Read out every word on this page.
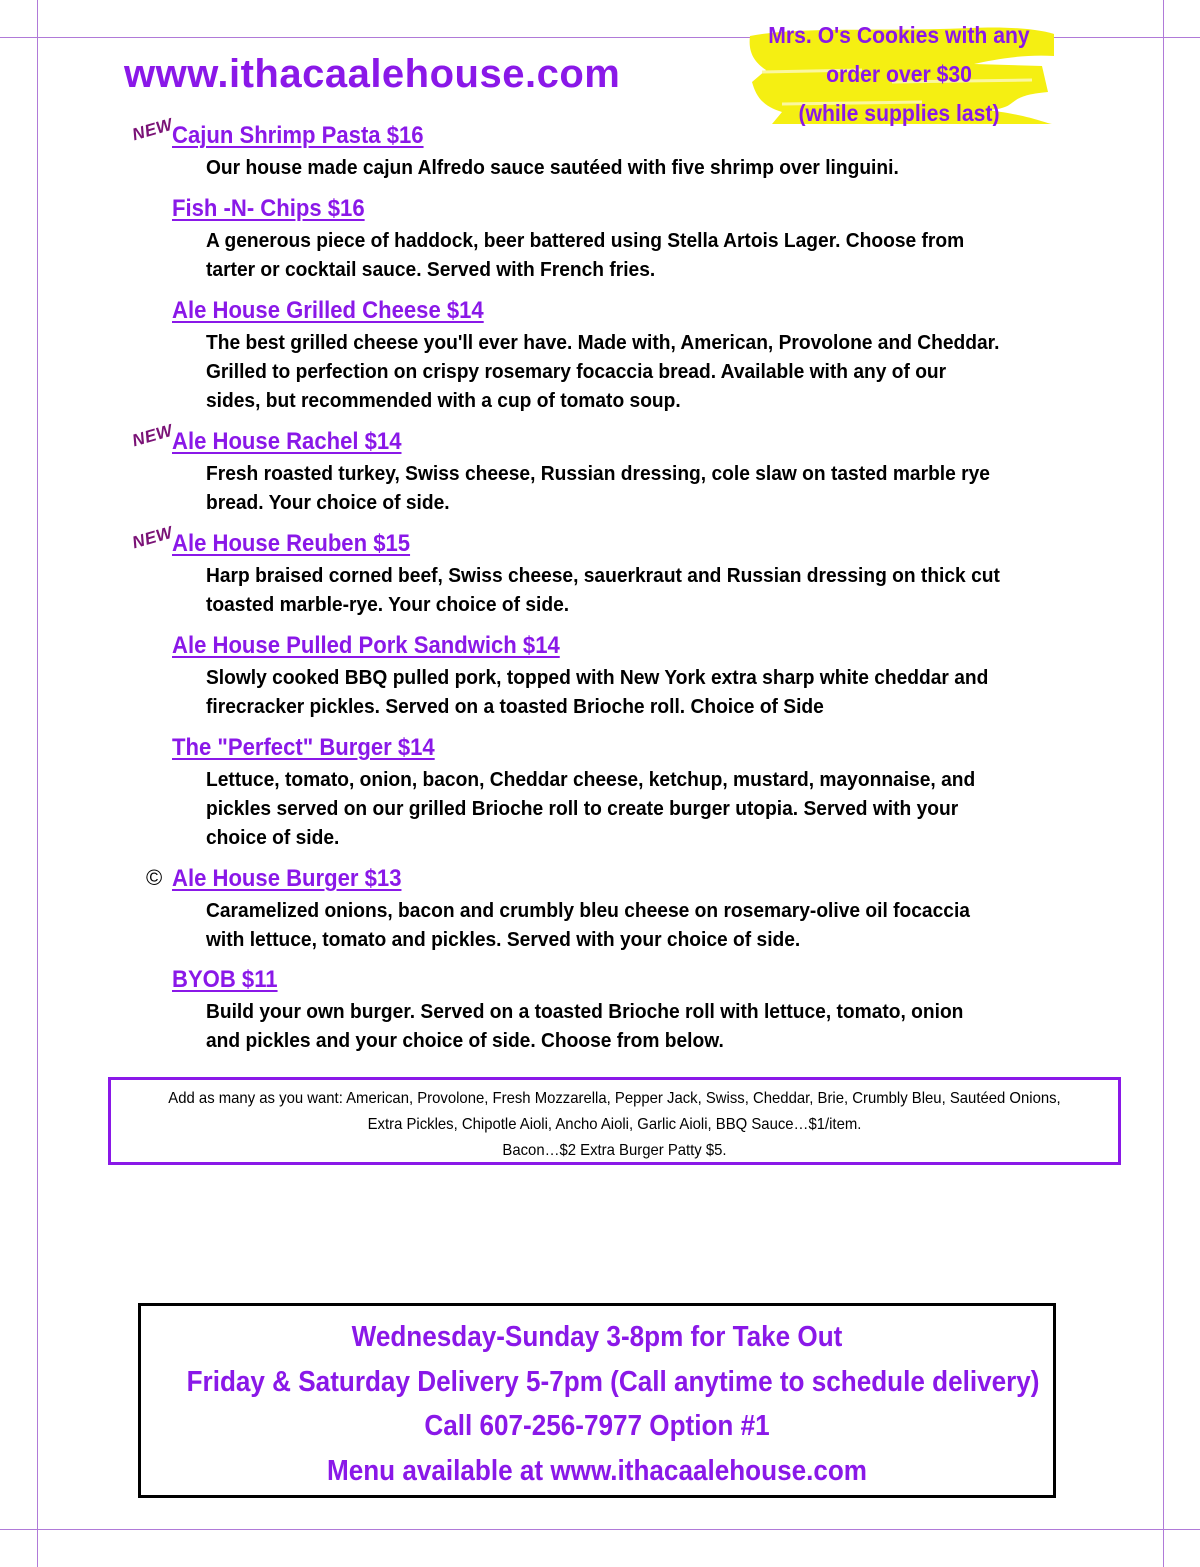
www.ithacaalehouse.com
Mrs. O's Cookies with any
order over $30
(while supplies last)
NEW
Cajun Shrimp Pasta $16
Our house made cajun Alfredo sauce sautéed with five shrimp over linguini.
Fish -N- Chips $16
A generous piece of haddock, beer battered using Stella Artois Lager. Choose from tarter or cocktail sauce. Served with French fries.
Ale House Grilled Cheese $14
The best grilled cheese you'll ever have. Made with, American, Provolone and Cheddar. Grilled to perfection on crispy rosemary focaccia bread. Available with any of our sides, but recommended with a cup of tomato soup.
NEW
Ale House Rachel $14
Fresh roasted turkey, Swiss cheese, Russian dressing, cole slaw on tasted marble rye bread. Your choice of side.
NEW
Ale House Reuben $15
Harp braised corned beef, Swiss cheese, sauerkraut and Russian dressing on thick cut toasted marble-rye. Your choice of side.
Ale House Pulled Pork Sandwich $14
Slowly cooked BBQ pulled pork, topped with New York extra sharp white cheddar and firecracker pickles. Served on a toasted Brioche roll. Choice of Side
The "Perfect" Burger $14
Lettuce, tomato, onion, bacon, Cheddar cheese, ketchup, mustard, mayonnaise, and pickles served on our grilled Brioche roll to create burger utopia. Served with your choice of side.
© Ale House Burger $13
Caramelized onions, bacon and crumbly bleu cheese on rosemary-olive oil focaccia with lettuce, tomato and pickles. Served with your choice of side.
BYOB $11
Build your own burger. Served on a toasted Brioche roll with lettuce, tomato, onion and pickles and your choice of side. Choose from below.
Add as many as you want: American, Provolone, Fresh Mozzarella, Pepper Jack, Swiss, Cheddar, Brie, Crumbly Bleu, Sautéed Onions,
Extra Pickles, Chipotle Aioli, Ancho Aioli, Garlic Aioli, BBQ Sauce…$1/item.
Bacon…$2 Extra Burger Patty $5.
Wednesday-Sunday 3-8pm for Take Out
Friday & Saturday Delivery 5-7pm (Call anytime to schedule delivery)
Call 607-256-7977 Option #1
Menu available at www.ithacaalehouse.com
